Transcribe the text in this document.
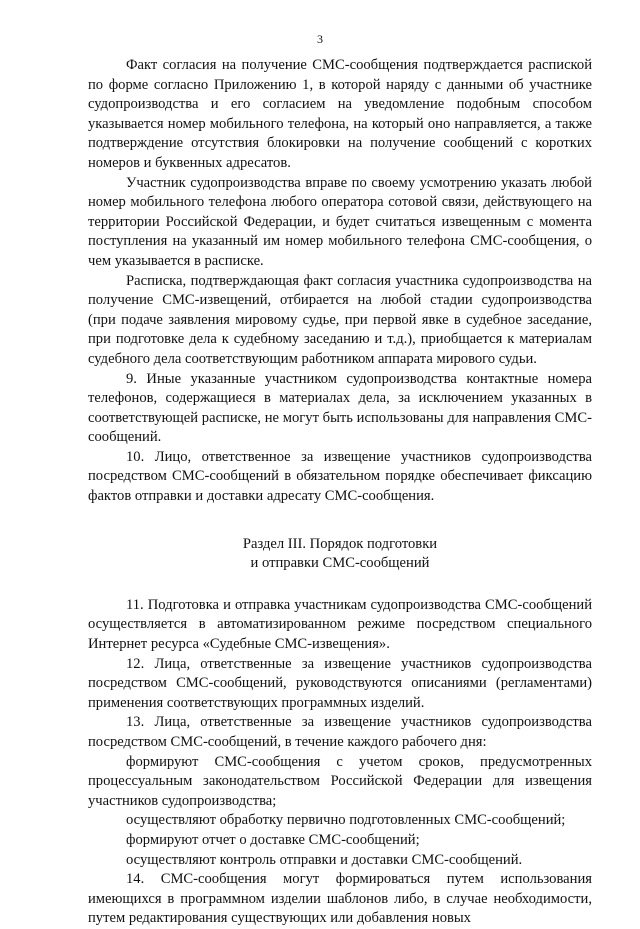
3

Факт согласия на получение СМС-сообщения подтверждается распиской по форме согласно Приложению 1, в которой наряду с данными об участнике судопроизводства и его согласием на уведомление подобным способом указывается номер мобильного телефона, на который оно направляется, а также подтверждение отсутствия блокировки на получение сообщений с коротких номеров и буквенных адресатов.

Участник судопроизводства вправе по своему усмотрению указать любой номер мобильного телефона любого оператора сотовой связи, действующего на территории Российской Федерации, и будет считаться извещенным с момента поступления на указанный им номер мобильного телефона СМС-сообщения, о чем указывается в расписке.

Расписка, подтверждающая факт согласия участника судопроизводства на получение СМС-извещений, отбирается на любой стадии судопроизводства (при подаче заявления мировому судье, при первой явке в судебное заседание, при подготовке дела к судебному заседанию и т.д.), приобщается к материалам судебного дела соответствующим работником аппарата мирового судьи.

9. Иные указанные участником судопроизводства контактные номера телефонов, содержащиеся в материалах дела, за исключением указанных в соответствующей расписке, не могут быть использованы для направления СМС-сообщений.

10. Лицо, ответственное за извещение участников судопроизводства посредством СМС-сообщений в обязательном порядке обеспечивает фиксацию фактов отправки и доставки адресату СМС-сообщения.

Раздел III. Порядок подготовки
и отправки СМС-сообщений

11. Подготовка и отправка участникам судопроизводства СМС-сообщений осуществляется в автоматизированном режиме посредством специального Интернет ресурса «Судебные СМС-извещения».

12. Лица, ответственные за извещение участников судопроизводства посредством СМС-сообщений, руководствуются описаниями (регламентами) применения соответствующих программных изделий.

13. Лица, ответственные за извещение участников судопроизводства посредством СМС-сообщений, в течение каждого рабочего дня:

формируют СМС-сообщения с учетом сроков, предусмотренных процессуальным законодательством Российской Федерации для извещения участников судопроизводства;

осуществляют обработку первично подготовленных СМС-сообщений;

формируют отчет о доставке СМС-сообщений;

осуществляют контроль отправки и доставки СМС-сообщений.

14. СМС-сообщения могут формироваться путем использования имеющихся в программном изделии шаблонов либо, в случае необходимости, путем редактирования существующих или добавления новых
